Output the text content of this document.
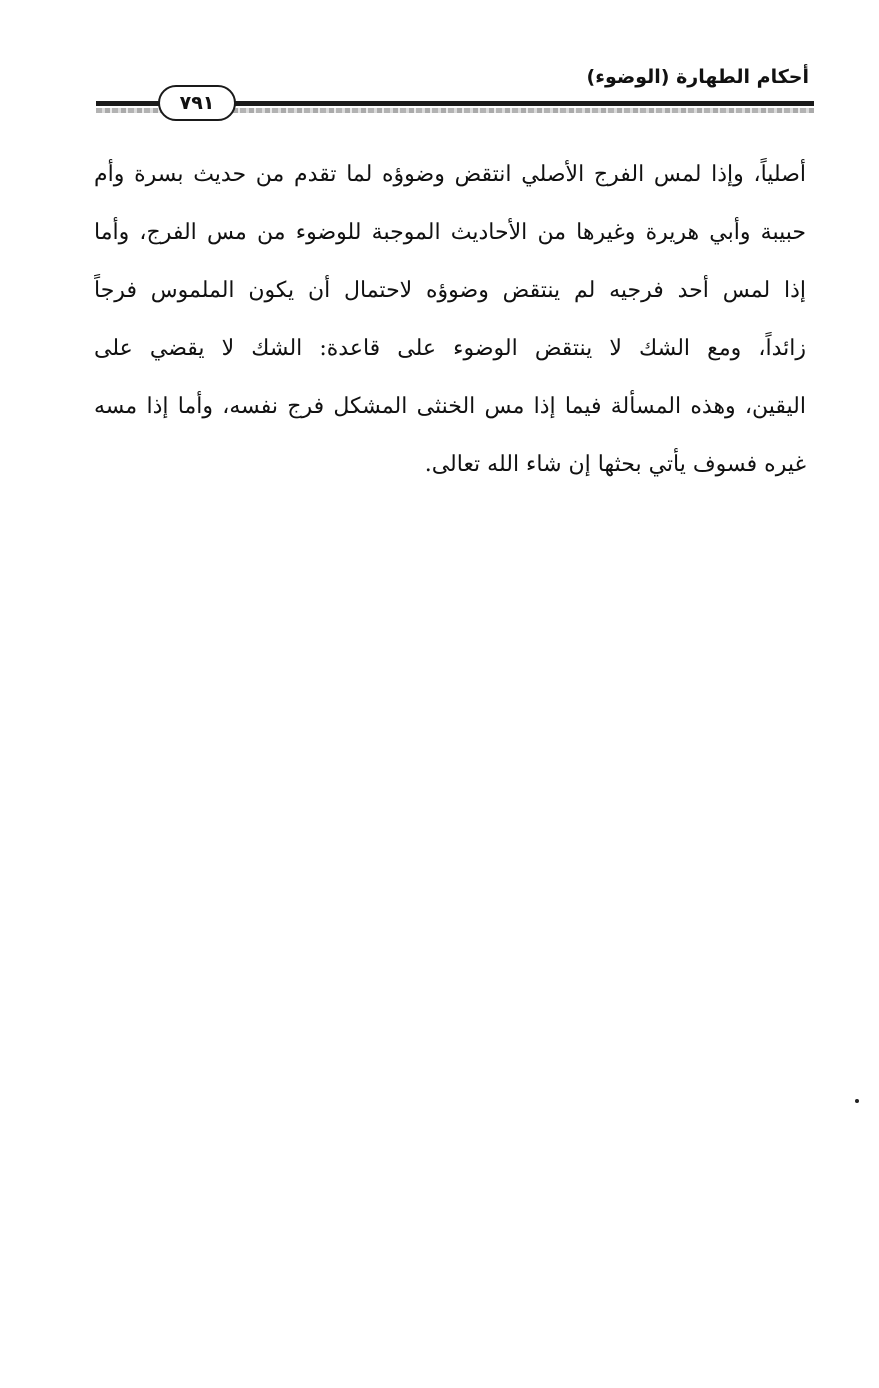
أحكام الطهارة (الوضوء)
٧٩١
أصلياً، وإذا لمس الفرج الأصلي انتقض وضوؤه لما تقدم من حديث بسرة وأم
حبيبة وأبي هريرة وغيرها من الأحاديث الموجبة للوضوء من مس الفرج، وأما
إذا لمس أحد فرجيه لم ينتقض وضوؤه لاحتمال أن يكون الملموس فرجاً
زائداً، ومع الشك لا ينتقض الوضوء على قاعدة: الشك لا يقضي على
اليقين، وهذه المسألة فيما إذا مس الخنثى المشكل فرج نفسه، وأما إذا مسه
غيره فسوف يأتي بحثها إن شاء الله تعالى.
